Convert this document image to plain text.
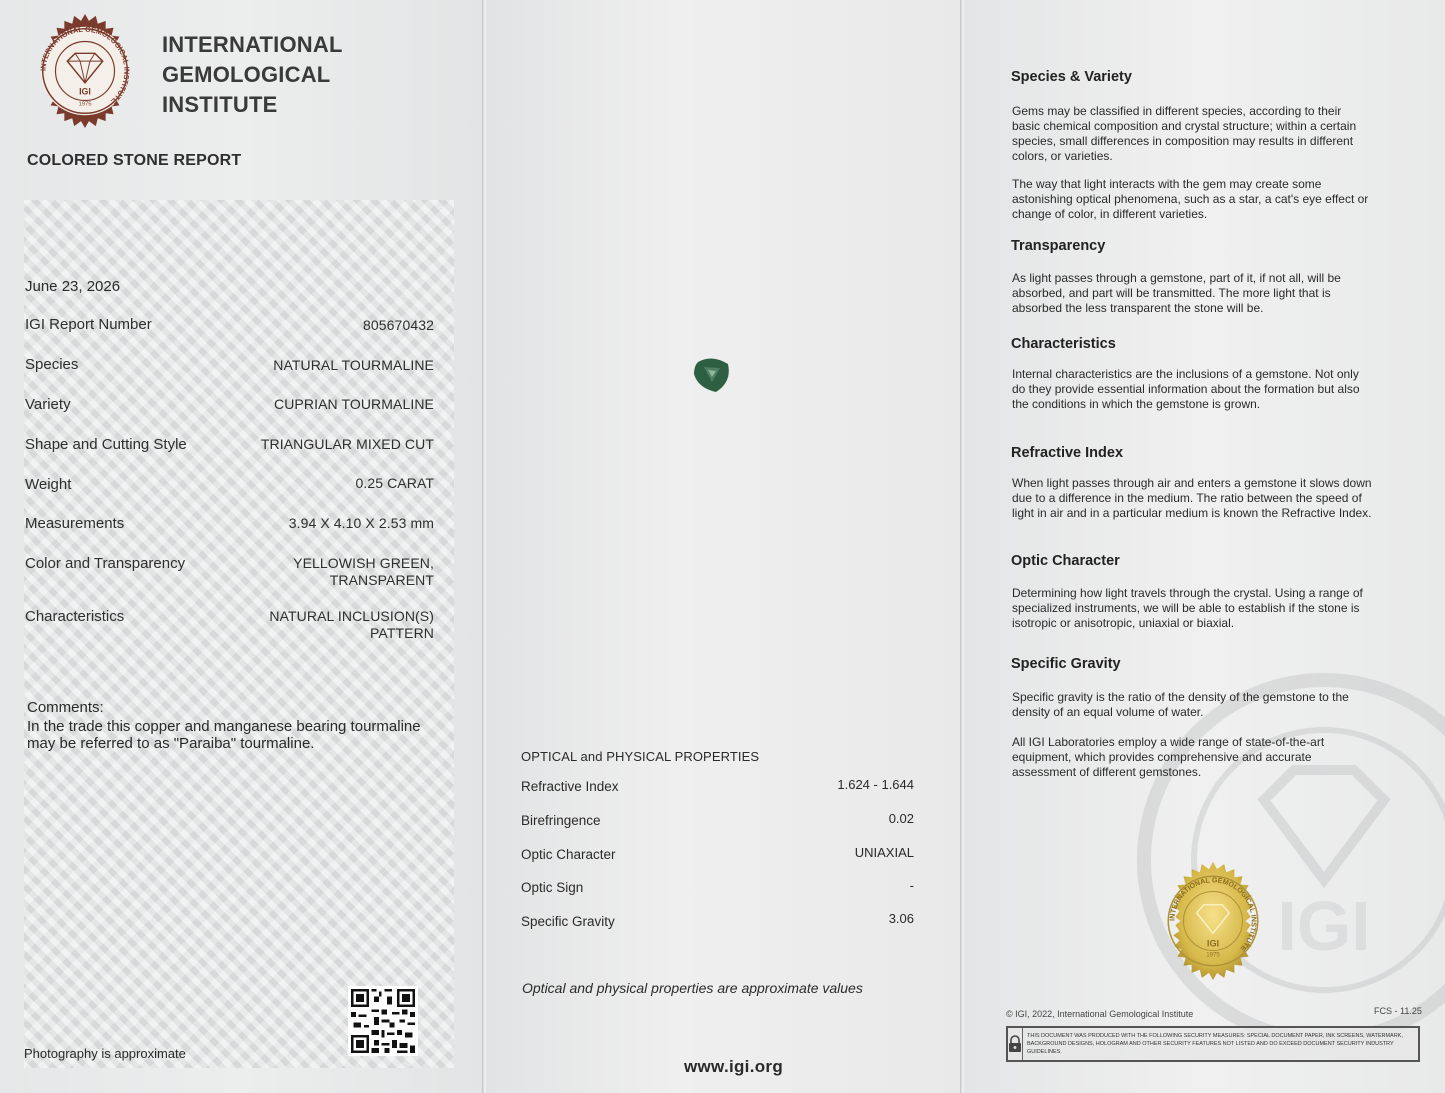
INTERNATIONAL GEMOLOGICAL INSTITUTE
IGI
1975
INTERNATIONAL
GEMOLOGICAL
INSTITUTE
COLORED STONE REPORT
June 23, 2026
IGI Report Number	805670432
Species	NATURAL TOURMALINE
Variety	CUPRIAN TOURMALINE
Shape and Cutting Style	TRIANGULAR MIXED CUT
Weight	0.25 CARAT
Measurements	3.94 X 4.10 X 2.53 mm
Color and Transparency	YELLOWISH GREEN,
TRANSPARENT
Characteristics	NATURAL INCLUSION(S)
PATTERN
Comments:
In the trade this copper and manganese bearing tourmaline may be referred to as "Paraiba" tourmaline.
Photography is approximate
OPTICAL and PHYSICAL PROPERTIES
Refractive Index	1.624 - 1.644
Birefringence	0.02
Optic Character	UNIAXIAL
Optic Sign	-
Specific Gravity	3.06
Optical and physical properties are approximate values
www.igi.org
IGI
Species & Variety
Gems may be classified in different species, according to their basic chemical composition and crystal structure; within a certain species, small differences in composition may results in different colors, or varieties.
The way that light interacts with the gem may create some astonishing optical phenomena, such as a star, a cat's eye effect or change of color, in different varieties.
Transparency
As light passes through a gemstone, part of it, if not all, will be absorbed, and part will be transmitted. The more light that is absorbed the less transparent the stone will be.
Characteristics
Internal characteristics are the inclusions of a gemstone. Not only do they provide essential information about the formation but also the conditions in which the gemstone is grown.
Refractive Index
When light passes through air and enters a gemstone it slows down due to a difference in the medium. The ratio between the speed of light in air and in a particular medium is known the Refractive Index.
Optic Character
Determining how light travels through the crystal. Using a range of specialized instruments, we will be able to establish if the stone is isotropic or anisotropic, uniaxial or biaxial.
Specific Gravity
Specific gravity is the ratio of the density of the gemstone to the density of an equal volume of water.
All IGI Laboratories employ a wide range of state-of-the-art equipment, which provides comprehensive and accurate assessment of different gemstones.
INTERNATIONAL GEMOLOGICAL INSTITUTE
IGI
1975
© IGI, 2022, International Gemological Institute	FCS - 11.25
THIS DOCUMENT WAS PRODUCED WITH THE FOLLOWING SECURITY MEASURES: SPECIAL DOCUMENT PAPER, INK SCREENS, WATERMARK, BACKGROUND DESIGNS, HOLOGRAM AND OTHER SECURITY FEATURES NOT LISTED AND DO EXCEED DOCUMENT SECURITY INDUSTRY GUIDELINES.
